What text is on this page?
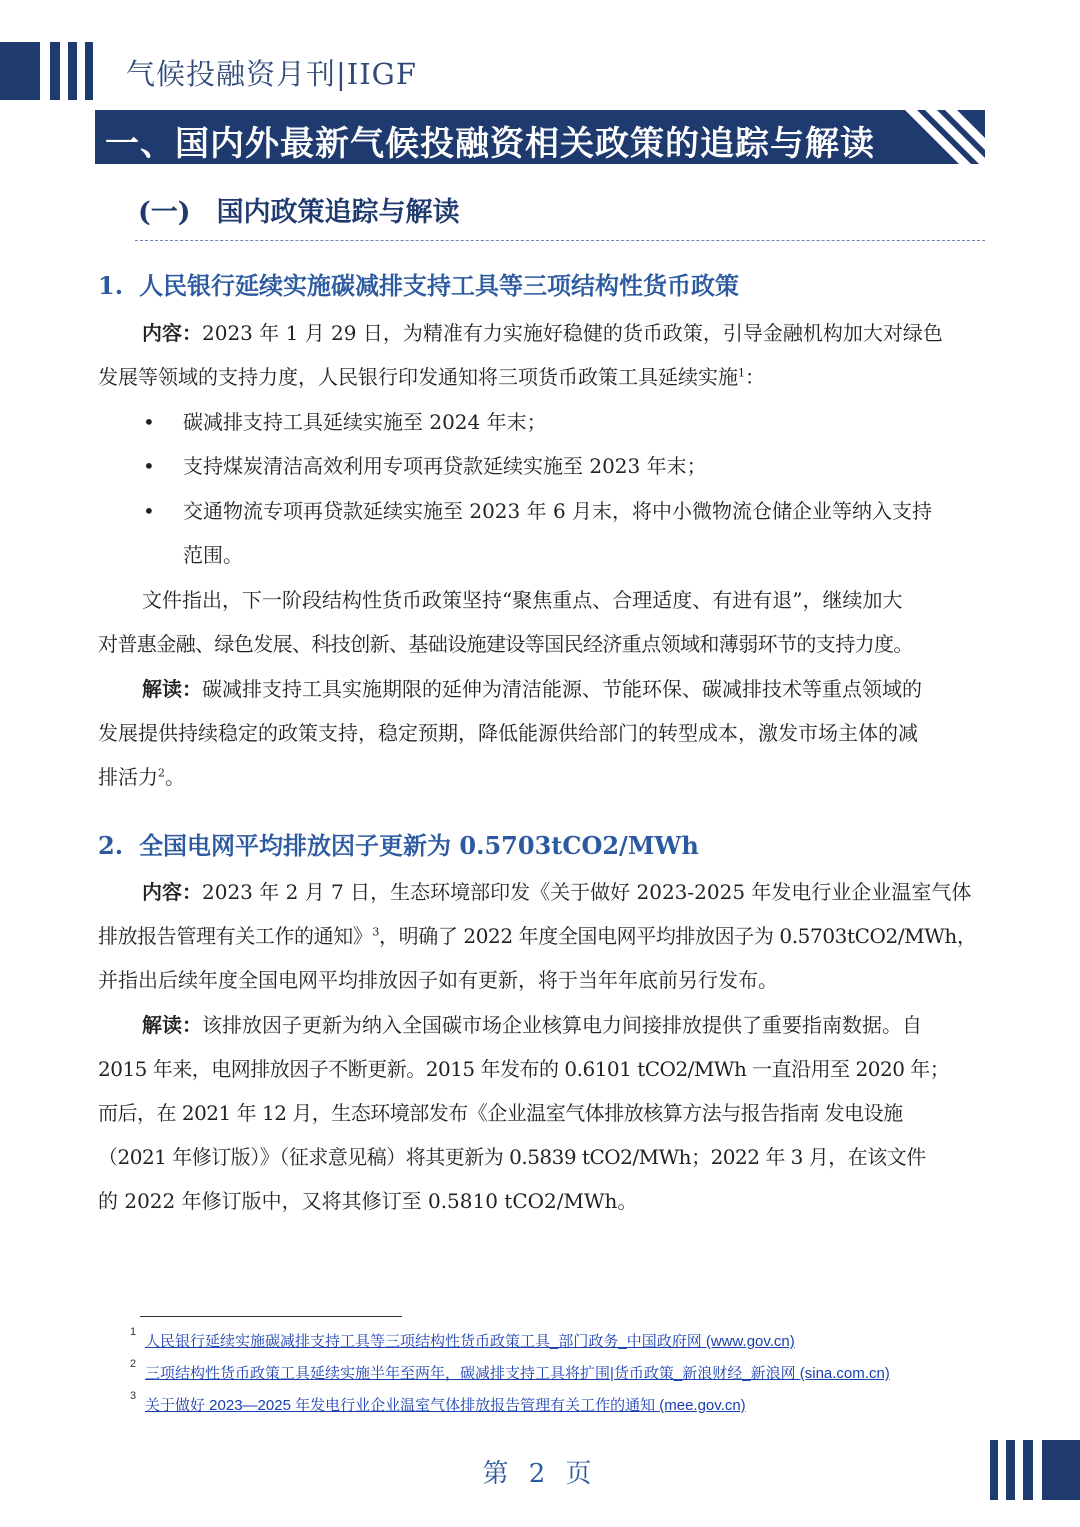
气候投融资月刊|IIGF
一、国内外最新气候投融资相关政策的追踪与解读
(一) 国内政策追踪与解读
1. 人民银行延续实施碳减排支持工具等三项结构性货币政策
内容：2023 年 1 月 29 日，为精准有力实施好稳健的货币政策，引导金融机构加大对绿色
发展等领域的支持力度，人民银行印发通知将三项货币政策工具延续实施$^1$：
•	碳减排支持工具延续实施至 2024 年末；
•	支持煤炭清洁高效利用专项再贷款延续实施至 2023 年末；
•	交通物流专项再贷款延续实施至 2023 年 6 月末，将中小微物流仓储企业等纳入支持
范围。
文件指出，下一阶段结构性货币政策坚持“聚焦重点、合理适度、有进有退”，继续加大
对普惠金融、绿色发展、科技创新、基础设施建设等国民经济重点领域和薄弱环节的支持力度。
解读：碳减排支持工具实施期限的延伸为清洁能源、节能环保、碳减排技术等重点领域的
发展提供持续稳定的政策支持，稳定预期，降低能源供给部门的转型成本，激发市场主体的减
排活力$^2$。
2. 全国电网平均排放因子更新为 0.5703tCO2/MWh
内容：2023 年 2 月 7 日，生态环境部印发《关于做好 2023-2025 年发电行业企业温室气体
排放报告管理有关工作的通知》$^3$，明确了 2022 年度全国电网平均排放因子为 0.5703tCO2/MWh，
并指出后续年度全国电网平均排放因子如有更新，将于当年年底前另行发布。
解读：该排放因子更新为纳入全国碳市场企业核算电力间接排放提供了重要指南数据。自
2015 年来，电网排放因子不断更新。2015 年发布的 0.6101 tCO2/MWh 一直沿用至 2020 年；
而后，在 2021 年 12 月，生态环境部发布《企业温室气体排放核算方法与报告指南 发电设施
（2021 年修订版）》（征求意见稿）将其更新为 0.5839 tCO2/MWh；2022 年 3 月，在该文件
的 2022 年修订版中，又将其修订至 0.5810 tCO2/MWh。
1
人民银行延续实施碳减排支持工具等三项结构性货币政策工具_部门政务_中国政府网 (www.gov.cn)
2
三项结构性货币政策工具延续实施半年至两年，碳减排支持工具将扩围|货币政策_新浪财经_新浪网 (sina.com.cn)
3
关于做好 2023—2025 年发电行业企业温室气体排放报告管理有关工作的通知 (mee.gov.cn)
第 2 页
